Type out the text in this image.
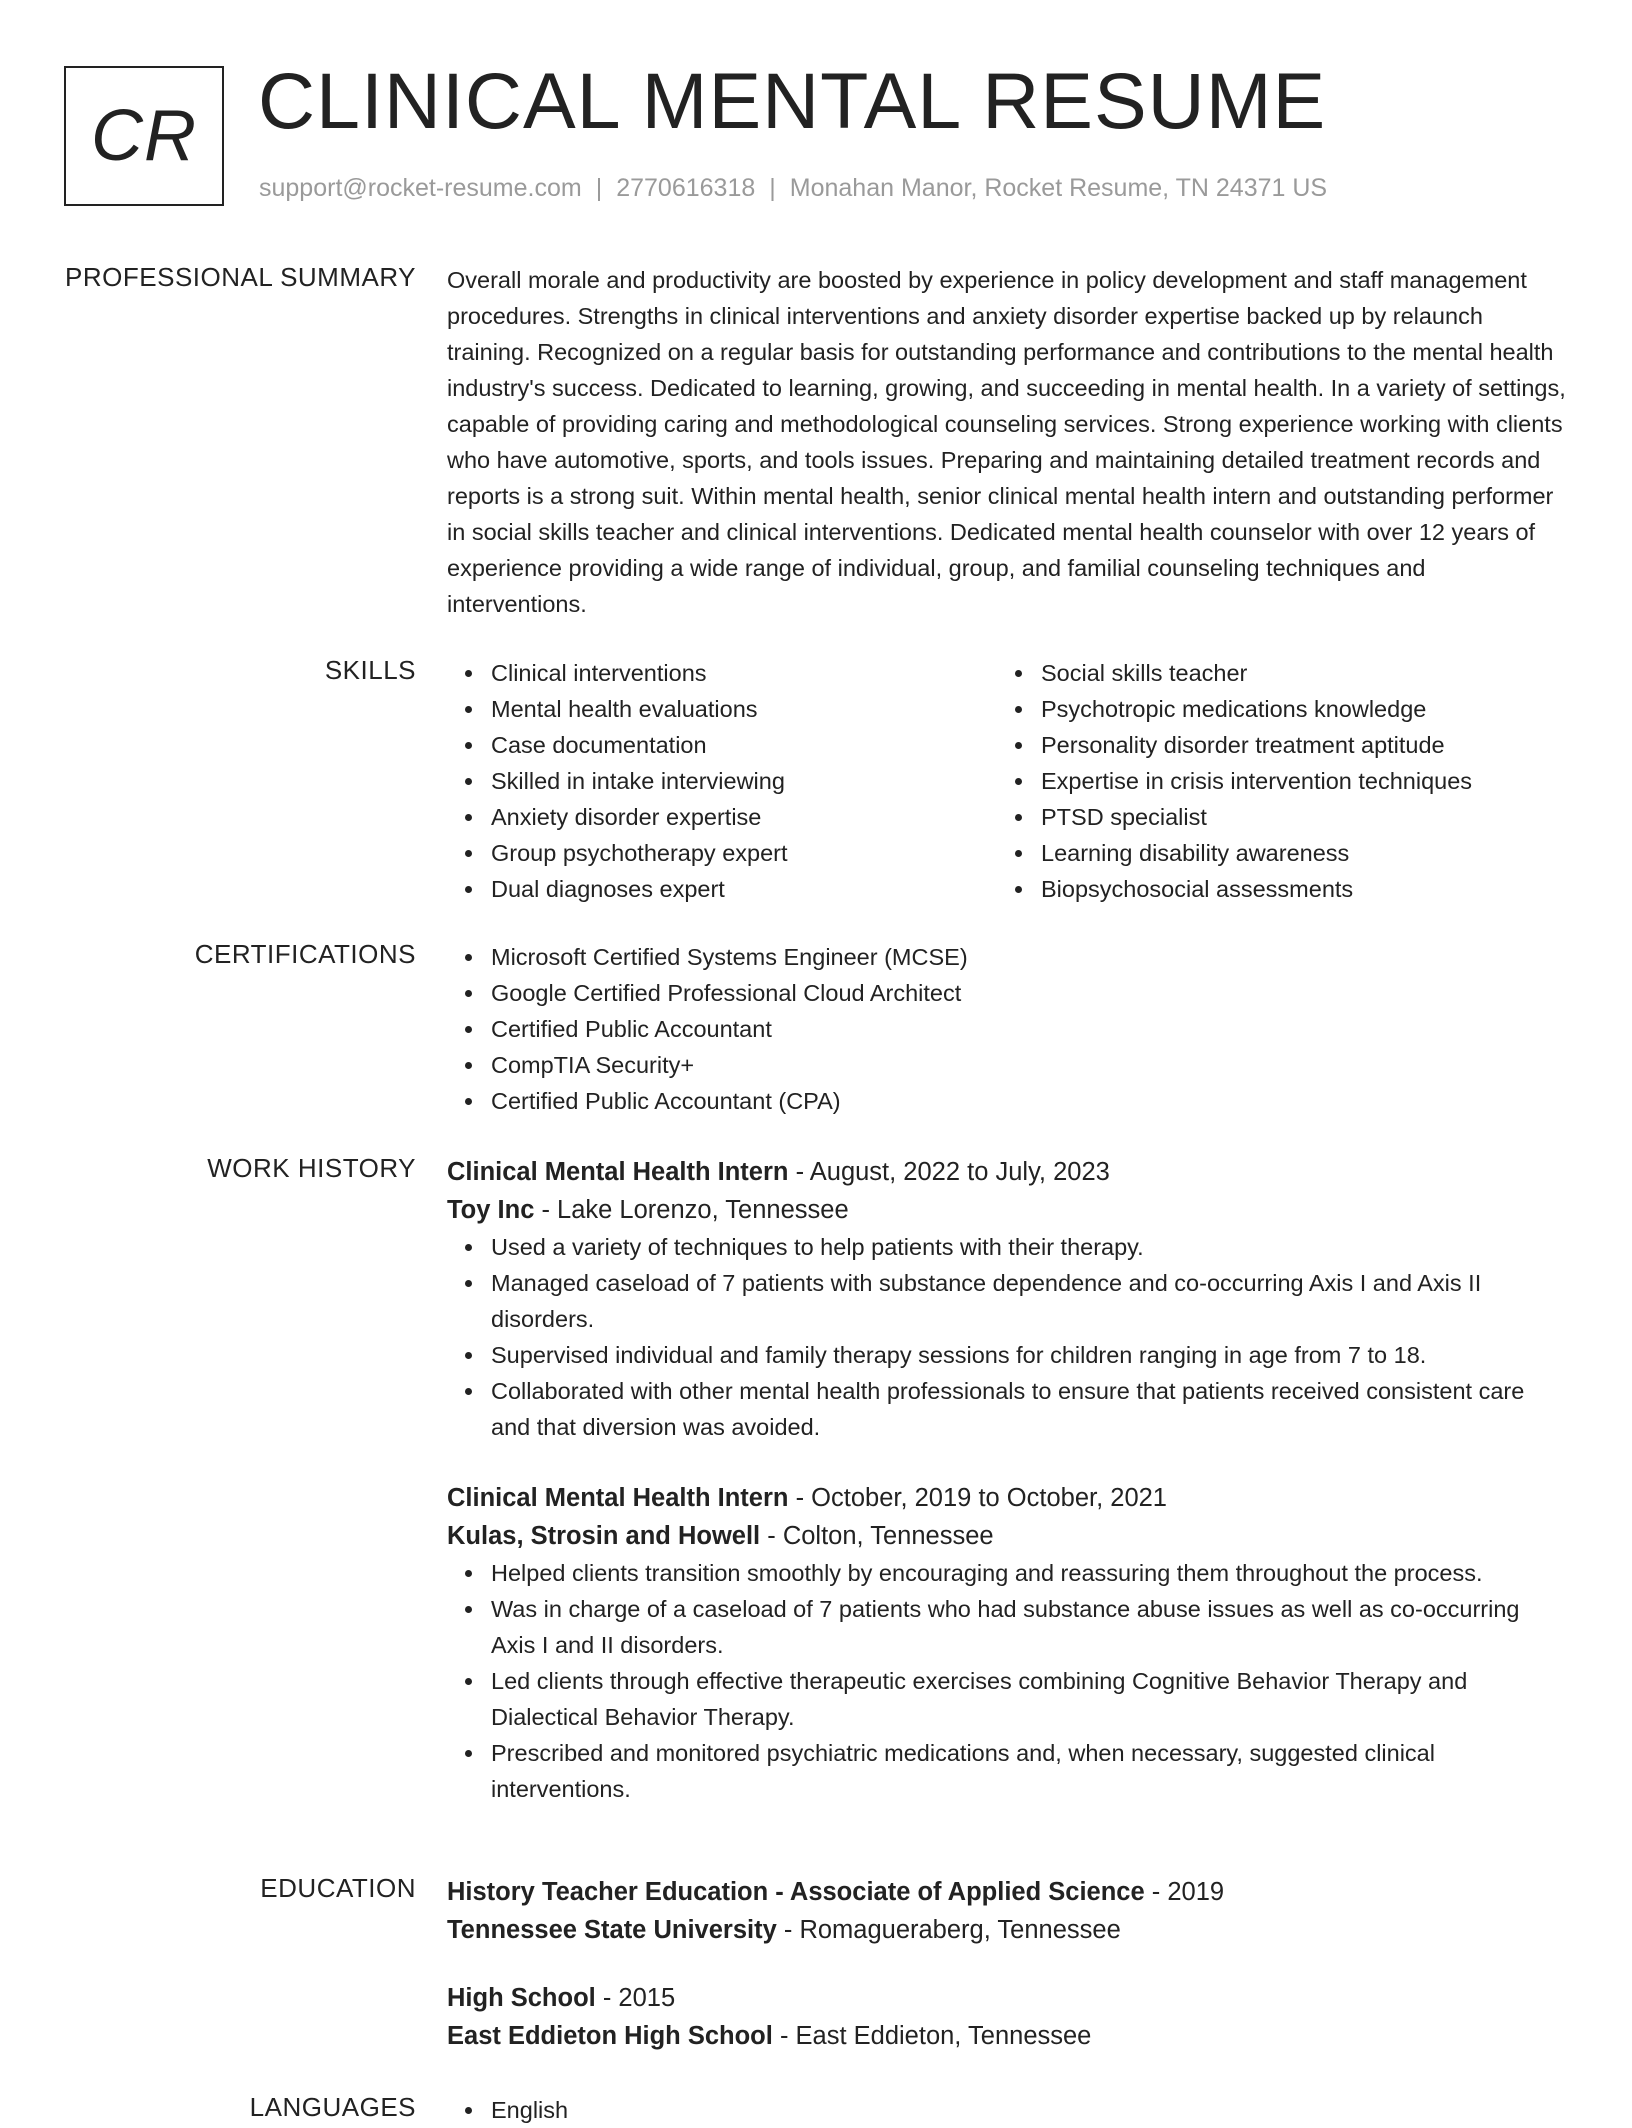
CR CLINICAL MENTAL RESUME
support@rocket-resume.com | 2770616318 | Monahan Manor, Rocket Resume, TN 24371 US
PROFESSIONAL SUMMARY Overall morale and productivity are boosted by experience in policy development and staff management procedures. Strengths in clinical interventions and anxiety disorder expertise backed up by relaunch training. Recognized on a regular basis for outstanding performance and contributions to the mental health industry's success. Dedicated to learning, growing, and succeeding in mental health. In a variety of settings, capable of providing caring and methodological counseling services. Strong experience working with clients who have automotive, sports, and tools issues. Preparing and maintaining detailed treatment records and reports is a strong suit. Within mental health, senior clinical mental health intern and outstanding performer in social skills teacher and clinical interventions. Dedicated mental health counselor with over 12 years of experience providing a wide range of individual, group, and familial counseling techniques and interventions.

SKILLS	Clinical interventions
Mental health evaluations
Case documentation
Skilled in intake interviewing
Anxiety disorder expertise
Group psychotherapy expert
Dual diagnoses expert
Social skills teacher
Psychotropic medications knowledge
Personality disorder treatment aptitude
Expertise in crisis intervention techniques
PTSD specialist
Learning disability awareness
Biopsychosocial assessments
CERTIFICATIONS	Microsoft Certified Systems Engineer (MCSE)
Google Certified Professional Cloud Architect
Certified Public Accountant
CompTIA Security+
Certified Public Accountant (CPA)
WORK HISTORY Clinical Mental Health Intern - August, 2022 to July, 2023

Toy Inc - Lake Lorenzo, Tennessee

Used a variety of techniques to help patients with their therapy.
Managed caseload of 7 patients with substance dependence and co-occurring Axis I and Axis II disorders.
Supervised individual and family therapy sessions for children ranging in age from 7 to 18.
Collaborated with other mental health professionals to ensure that patients received consistent care and that diversion was avoided.

Clinical Mental Health Intern - October, 2019 to October, 2021

Kulas, Strosin and Howell - Colton, Tennessee

Helped clients transition smoothly by encouraging and reassuring them throughout the process.
Was in charge of a caseload of 7 patients who had substance abuse issues as well as co-occurring Axis I and II disorders.
Led clients through effective therapeutic exercises combining Cognitive Behavior Therapy and Dialectical Behavior Therapy.
Prescribed and monitored psychiatric medications and, when necessary, suggested clinical interventions.
EDUCATION History Teacher Education - Associate of Applied Science - 2019

Tennessee State University - Romagueraberg, Tennessee

High School - 2015

East Eddieton High School - East Eddieton, Tennessee

LANGUAGES	English
